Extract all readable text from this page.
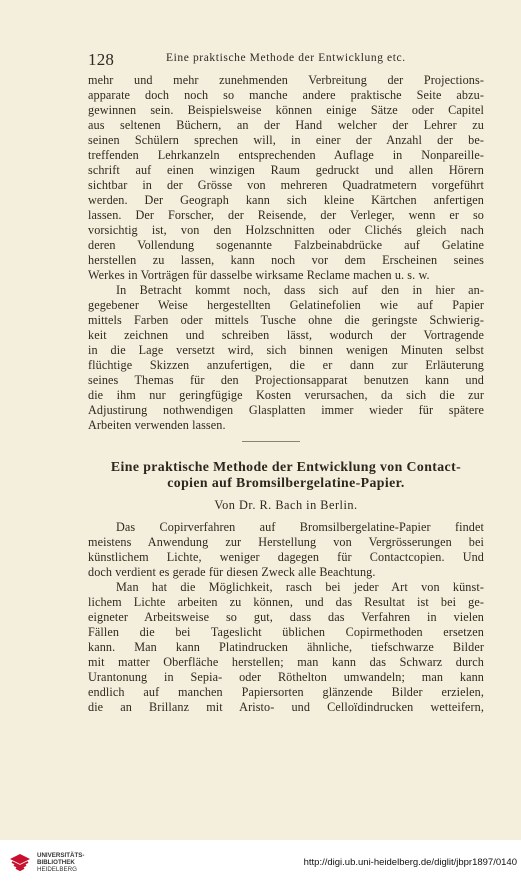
128	Eine praktische Methode der Entwicklung etc.
mehr und mehr zunehmenden Verbreitung der Projections-
apparate doch noch so manche andere praktische Seite abzu-
gewinnen sein. Beispielsweise können einige Sätze oder Capitel
aus seltenen Büchern, an der Hand welcher der Lehrer zu
seinen Schülern sprechen will, in einer der Anzahl der be-
treffenden Lehrkanzeln entsprechenden Auflage in Nonpareille-
schrift auf einen winzigen Raum gedruckt und allen Hörern
sichtbar in der Grösse von mehreren Quadratmetern vorgeführt
werden. Der Geograph kann sich kleine Kärtchen anfertigen
lassen. Der Forscher, der Reisende, der Verleger, wenn er so
vorsichtig ist, von den Holzschnitten oder Clichés gleich nach
deren Vollendung sogenannte Falzbeinabdrücke auf Gelatine
herstellen zu lassen, kann noch vor dem Erscheinen seines
Werkes in Vorträgen für dasselbe wirksame Reclame machen u. s. w.
In Betracht kommt noch, dass sich auf den in hier an-
gegebener Weise hergestellten Gelatinefolien wie auf Papier
mittels Farben oder mittels Tusche ohne die geringste Schwierig-
keit zeichnen und schreiben lässt, wodurch der Vortragende
in die Lage versetzt wird, sich binnen wenigen Minuten selbst
flüchtige Skizzen anzufertigen, die er dann zur Erläuterung
seines Themas für den Projectionsapparat benutzen kann und
die ihm nur geringfügige Kosten verursachen, da sich die zur
Adjustirung nothwendigen Glasplatten immer wieder für spätere
Arbeiten verwenden lassen.
Eine praktische Methode der Entwicklung von Contact-
copien auf Bromsilbergelatine-Papier.
Von Dr. R. Bach in Berlin.
Das Copirverfahren auf Bromsilbergelatine-Papier findet
meistens Anwendung zur Herstellung von Vergrösserungen bei
künstlichem Lichte, weniger dagegen für Contactcopien. Und
doch verdient es gerade für diesen Zweck alle Beachtung.
Man hat die Möglichkeit, rasch bei jeder Art von künst-
lichem Lichte arbeiten zu können, und das Resultat ist bei ge-
eigneter Arbeitsweise so gut, dass das Verfahren in vielen
Fällen die bei Tageslicht üblichen Copirmethoden ersetzen
kann. Man kann Platindrucken ähnliche, tiefschwarze Bilder
mit matter Oberfläche herstellen; man kann das Schwarz durch
Urantonung in Sepia- oder Röthelton umwandeln; man kann
endlich auf manchen Papiersorten glänzende Bilder erzielen,
die an Brillanz mit Aristo- und Celloïdindrucken wetteifern,
UNIVERSITÄTS-
BIBLIOTHEK
HEIDELBERG
http://digi.ub.uni-heidelberg.de/diglit/jbpr1897/0140
